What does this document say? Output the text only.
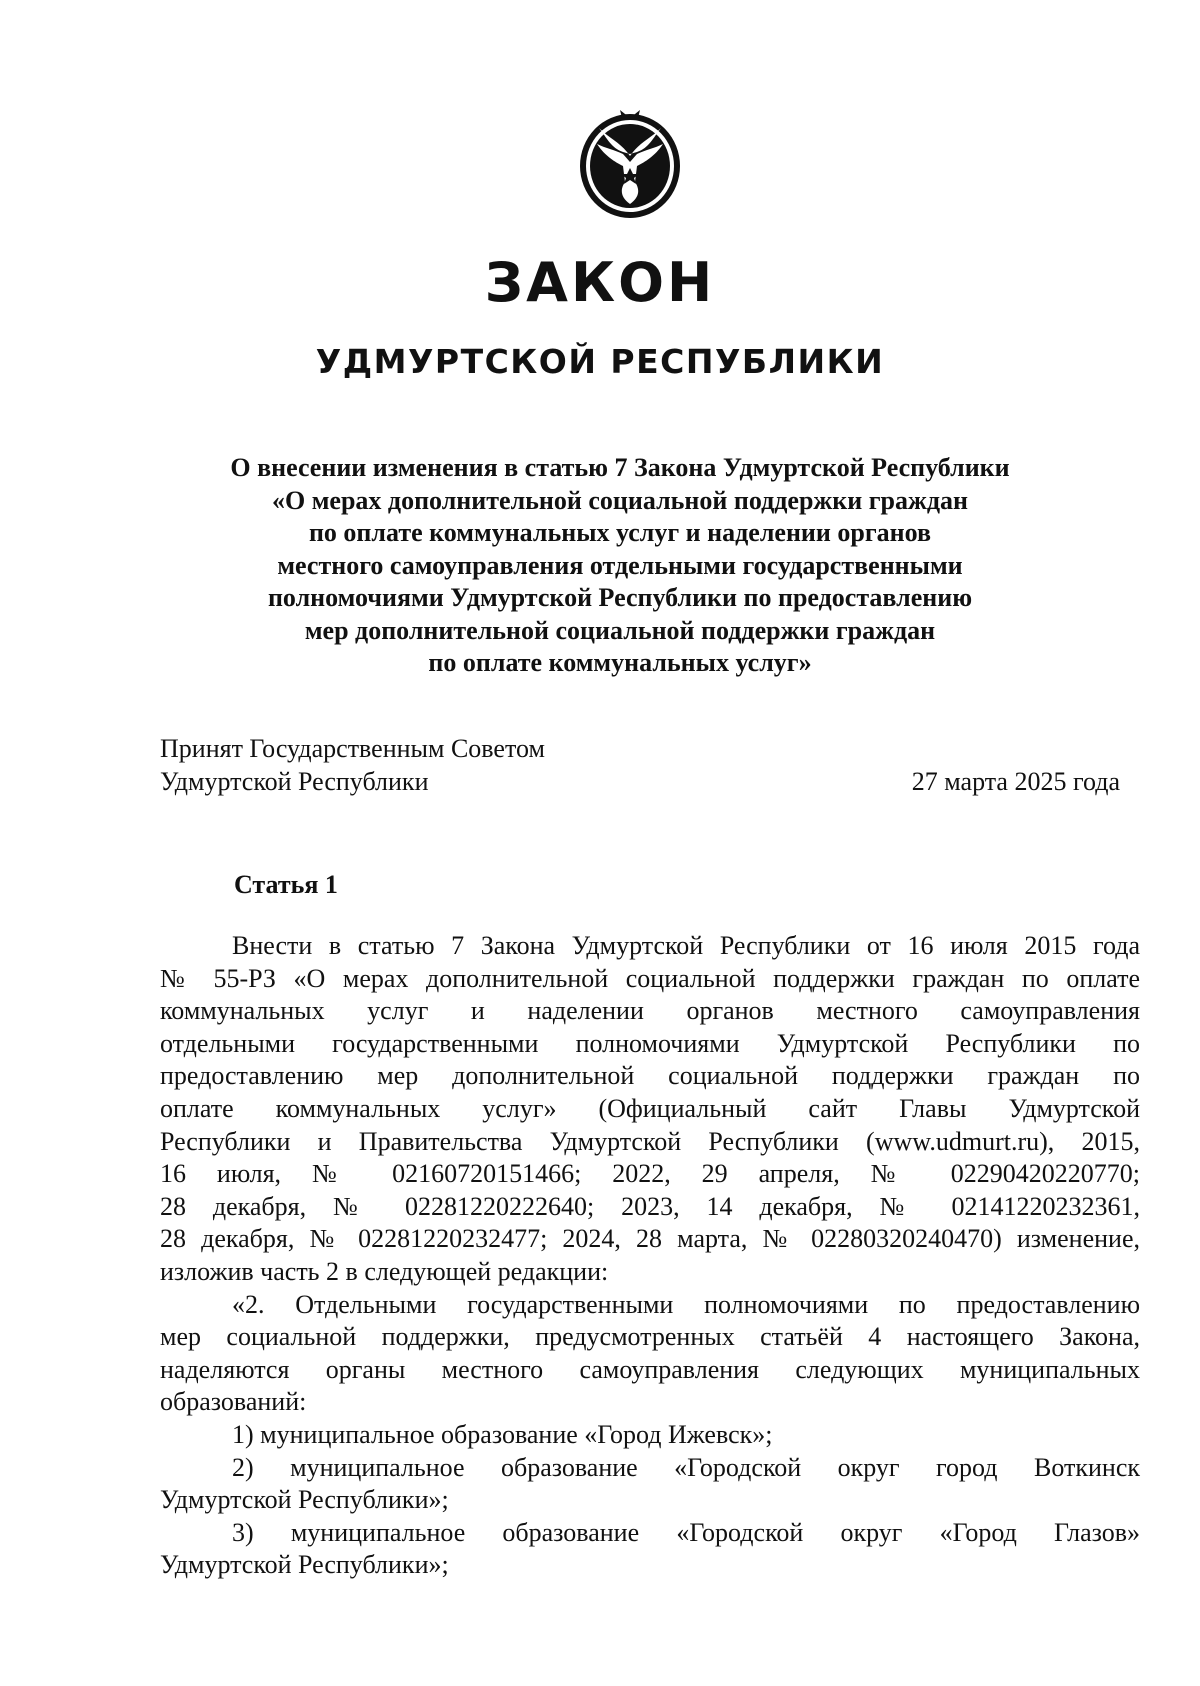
ЗАКОН
УДМУРТСКОЙ РЕСПУБЛИКИ
О внесении изменения в статью 7 Закона Удмуртской Республики
«О мерах дополнительной социальной поддержки граждан
по оплате коммунальных услуг и наделении органов
местного самоуправления отдельными государственными
полномочиями Удмуртской Республики по предоставлению
мер дополнительной социальной поддержки граждан
по оплате коммунальных услуг»
Принят Государственным Советом
Удмуртской Республики	27 марта 2025 года
Статья 1
Внести в статью 7 Закона Удмуртской Республики от 16 июля 2015 года
№ 55-РЗ «О мерах дополнительной социальной поддержки граждан по оплате
коммунальных услуг и наделении органов местного самоуправления
отдельными государственными полномочиями Удмуртской Республики по
предоставлению мер дополнительной социальной поддержки граждан по
оплате коммунальных услуг» (Официальный сайт Главы Удмуртской
Республики и Правительства Удмуртской Республики (www.udmurt.ru), 2015,
16 июля, № 02160720151466; 2022, 29 апреля, № 02290420220770;
28 декабря, № 02281220222640; 2023, 14 декабря, № 02141220232361,
28 декабря, № 02281220232477; 2024, 28 марта, № 02280320240470) изменение,
изложив часть 2 в следующей редакции:
«2. Отдельными государственными полномочиями по предоставлению
мер социальной поддержки, предусмотренных статьёй 4 настоящего Закона,
наделяются органы местного самоуправления следующих муниципальных
образований:
1) муниципальное образование «Город Ижевск»;
2) муниципальное образование «Городской округ город Воткинск
Удмуртской Республики»;
3) муниципальное образование «Городской округ «Город Глазов»
Удмуртской Республики»;
